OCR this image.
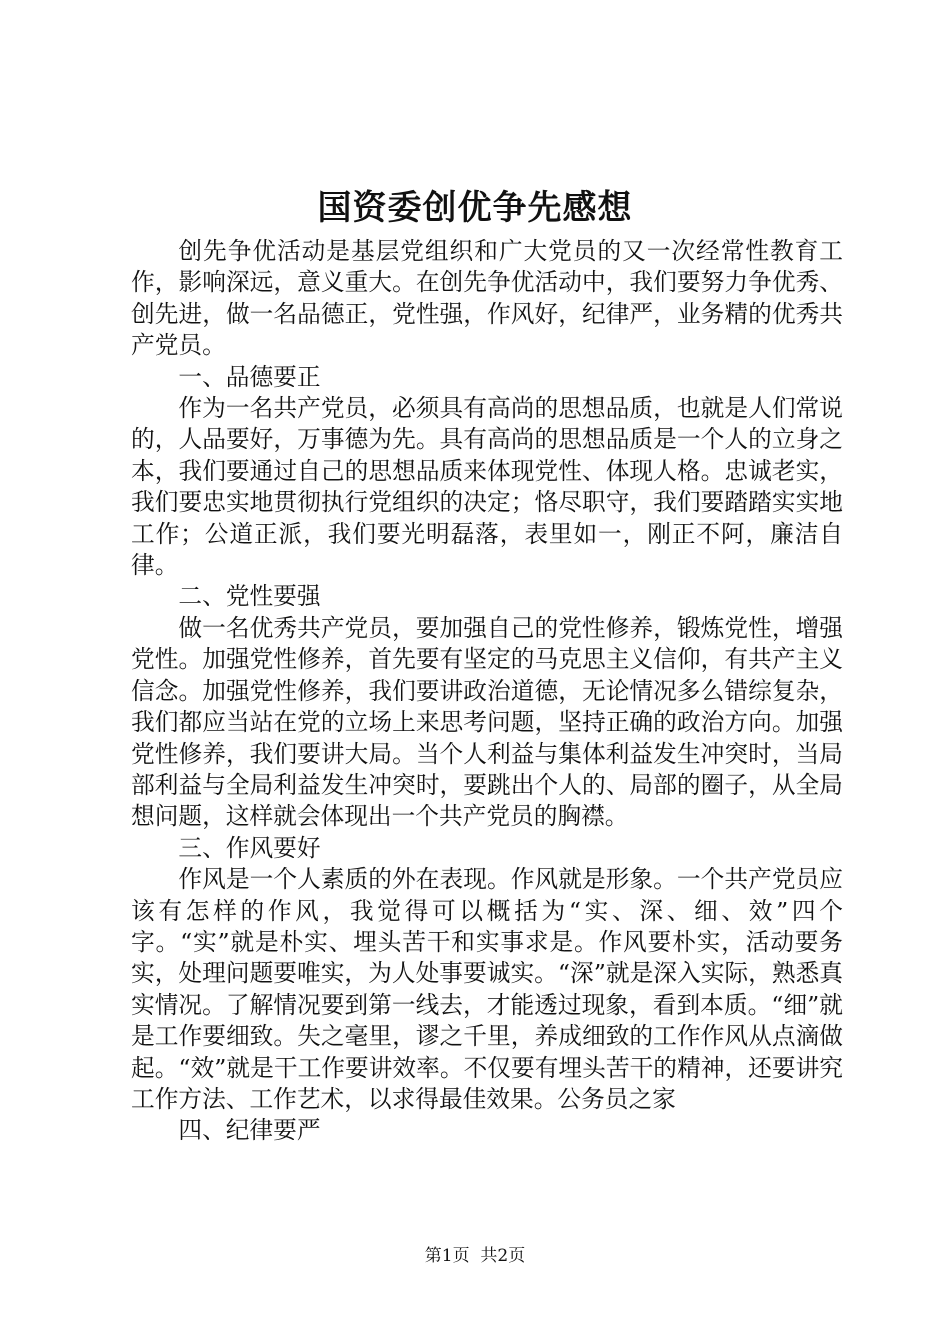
国资委创优争先感想

创先争优活动是基层党组织和广大党员的又一次经常性教育工作，影响深远，意义重大。在创先争优活动中，我们要努力争优秀、创先进，做一名品德正，党性强，作风好，纪律严，业务精的优秀共产党员。

一、品德要正

作为一名共产党员，必须具有高尚的思想品质，也就是人们常说的，人品要好，万事德为先。具有高尚的思想品质是一个人的立身之本，我们要通过自己的思想品质来体现党性、体现人格。忠诚老实，我们要忠实地贯彻执行党组织的决定；恪尽职守，我们要踏踏实实地工作；公道正派，我们要光明磊落，表里如一，刚正不阿，廉洁自律。

二、党性要强

做一名优秀共产党员，要加强自己的党性修养，锻炼党性，增强党性。加强党性修养，首先要有坚定的马克思主义信仰，有共产主义信念。加强党性修养，我们要讲政治道德，无论情况多么错综复杂，我们都应当站在党的立场上来思考问题，坚持正确的政治方向。加强党性修养，我们要讲大局。当个人利益与集体利益发生冲突时，当局部利益与全局利益发生冲突时，要跳出个人的、局部的圈子，从全局想问题，这样就会体现出一个共产党员的胸襟。

三、作风要好

作风是一个人素质的外在表现。作风就是形象。一个共产党员应该有怎样的作风，我觉得可以概括为“实、深、细、效”四个字。“实”就是朴实、埋头苦干和实事求是。作风要朴实，活动要务实，处理问题要唯实，为人处事要诚实。“深”就是深入实际，熟悉真实情况。了解情况要到第一线去，才能透过现象，看到本质。“细”就是工作要细致。失之毫里，谬之千里，养成细致的工作作风从点滴做起。“效”就是干工作要讲效率。不仅要有埋头苦干的精神，还要讲究工作方法、工作艺术，以求得最佳效果。公务员之家

四、纪律要严

第1页 共2页
